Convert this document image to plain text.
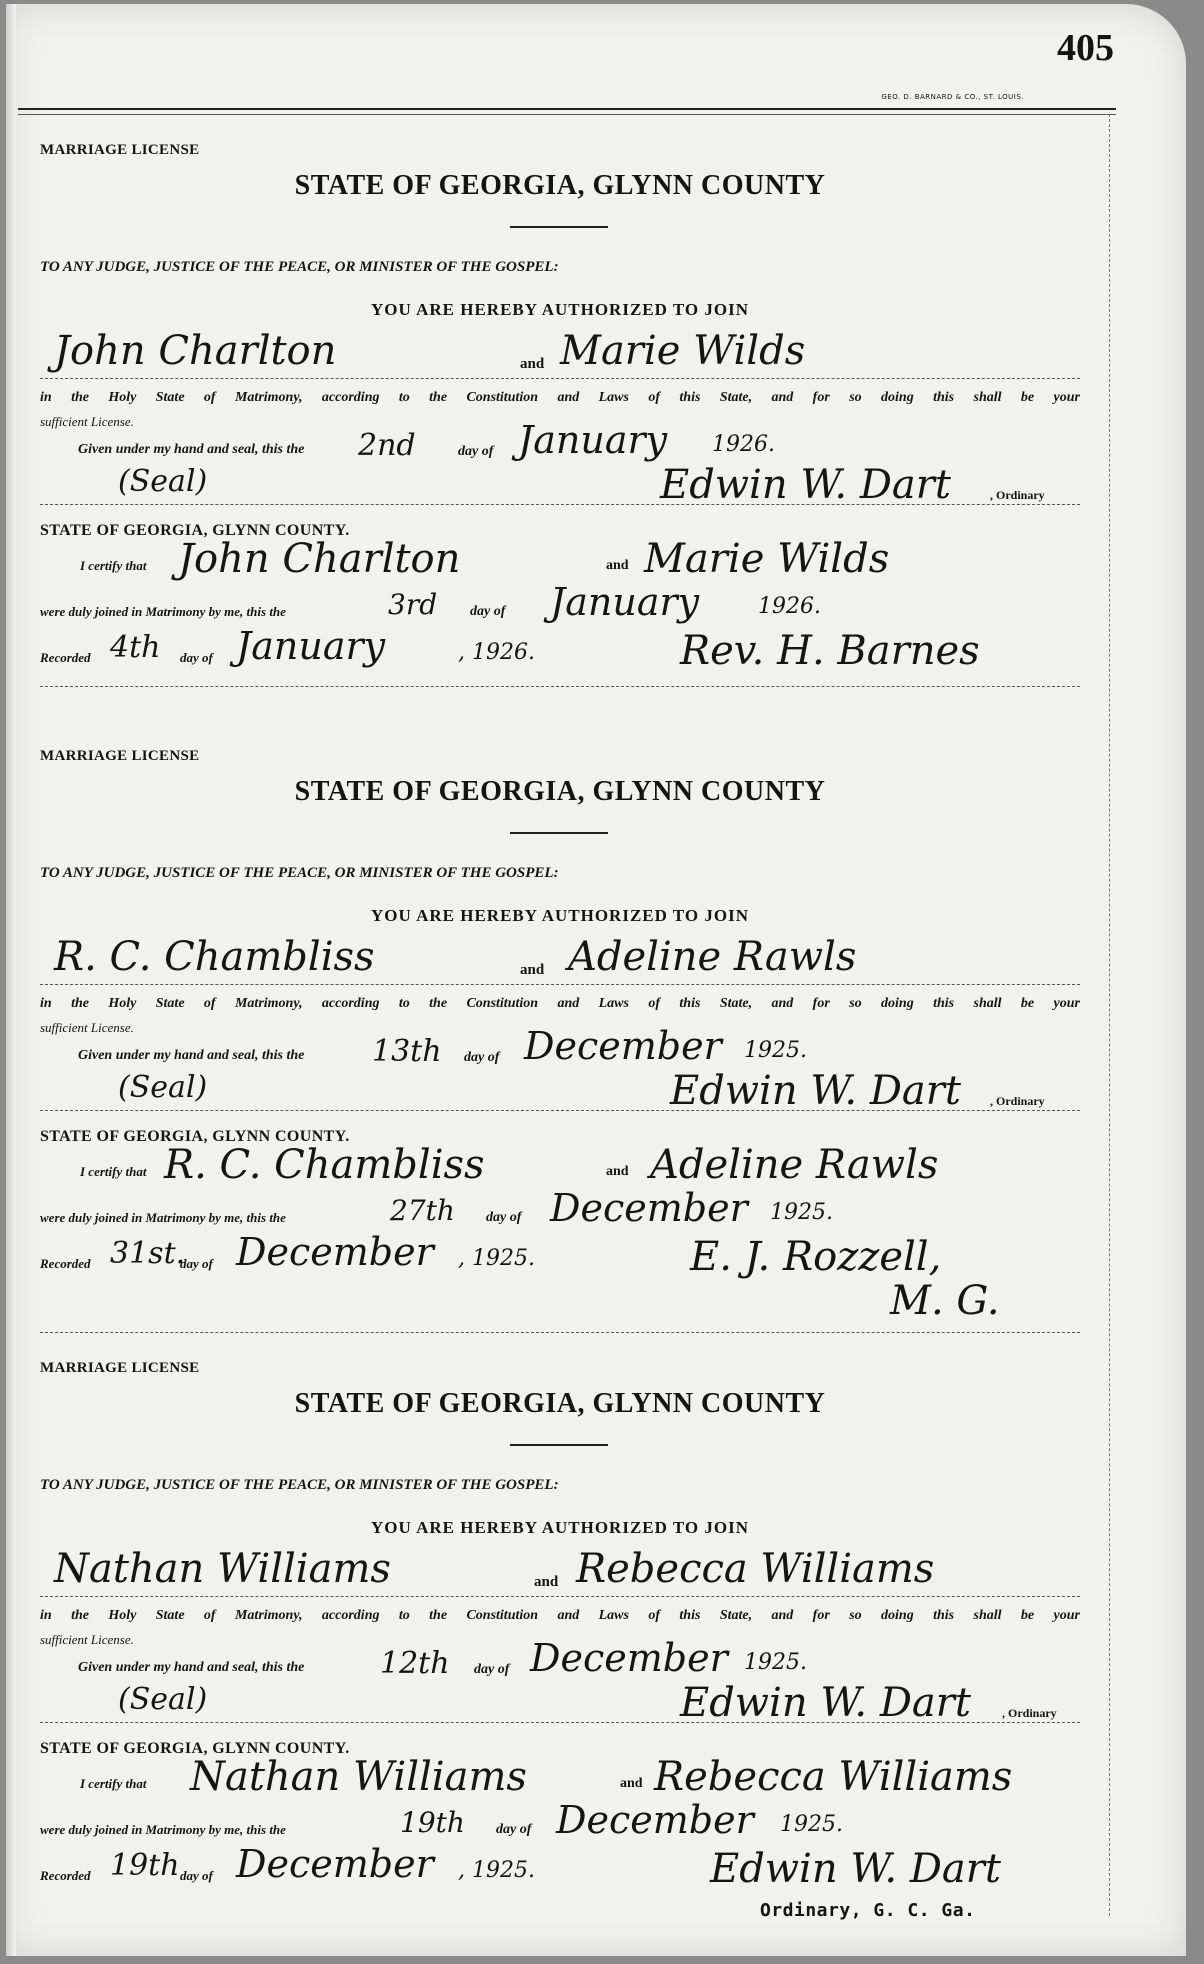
405
GEO. D. BARNARD & CO., ST. LOUIS.
MARRIAGE LICENSE
STATE OF GEORGIA, GLYNN COUNTY
TO ANY JUDGE, JUSTICE OF THE PEACE, OR MINISTER OF THE GOSPEL:
YOU ARE HEREBY AUTHORIZED TO JOIN
John Charlton	and Marie Wilds
in the Holy State of Matrimony, according to the Constitution and Laws of this State, and for so doing this shall be your
sufficient License.
Given under my hand and seal, this the 2nd	day of January 1926.
(Seal)	Edwin W. Dart	, Ordinary
STATE OF GEORGIA, GLYNN COUNTY.
I certify that John Charlton	and Marie Wilds
were duly joined in Matrimony by me, this the	3rd day of January	1926.
Recorded 4th day of January	, 1926.	Rev. H. Barnes
MARRIAGE LICENSE
STATE OF GEORGIA, GLYNN COUNTY
TO ANY JUDGE, JUSTICE OF THE PEACE, OR MINISTER OF THE GOSPEL:
YOU ARE HEREBY AUTHORIZED TO JOIN
R. C. Chambliss	and Adeline Rawls
in the Holy State of Matrimony, according to the Constitution and Laws of this State, and for so doing this shall be your
sufficient License.
Given under my hand and seal, this the 13th day of December 1925.
(Seal)	Edwin W. Dart , Ordinary
STATE OF GEORGIA, GLYNN COUNTY.
I certify that R. C. Chambliss	and Adeline Rawls
were duly joined in Matrimony by me, this the	27th day of December 1925.
Recorded 31st.
day of December , 1925.	E. J. Rozzell,
M. G.
MARRIAGE LICENSE
STATE OF GEORGIA, GLYNN COUNTY
TO ANY JUDGE, JUSTICE OF THE PEACE, OR MINISTER OF THE GOSPEL:
YOU ARE HEREBY AUTHORIZED TO JOIN
Nathan Williams	and Rebecca Williams
in the Holy State of Matrimony, according to the Constitution and Laws of this State, and for so doing this shall be your
sufficient License.
Given under my hand and seal, this the	12th day of December 1925.
(Seal)	Edwin W. Dart	, Ordinary
STATE OF GEORGIA, GLYNN COUNTY.
I certify that Nathan Williams	and Rebecca Williams
were duly joined in Matrimony by me, this the	19th day of December 1925.
Recorded 19th day of December , 1925.	Edwin W. Dart
Ordinary, G. C. Ga.
